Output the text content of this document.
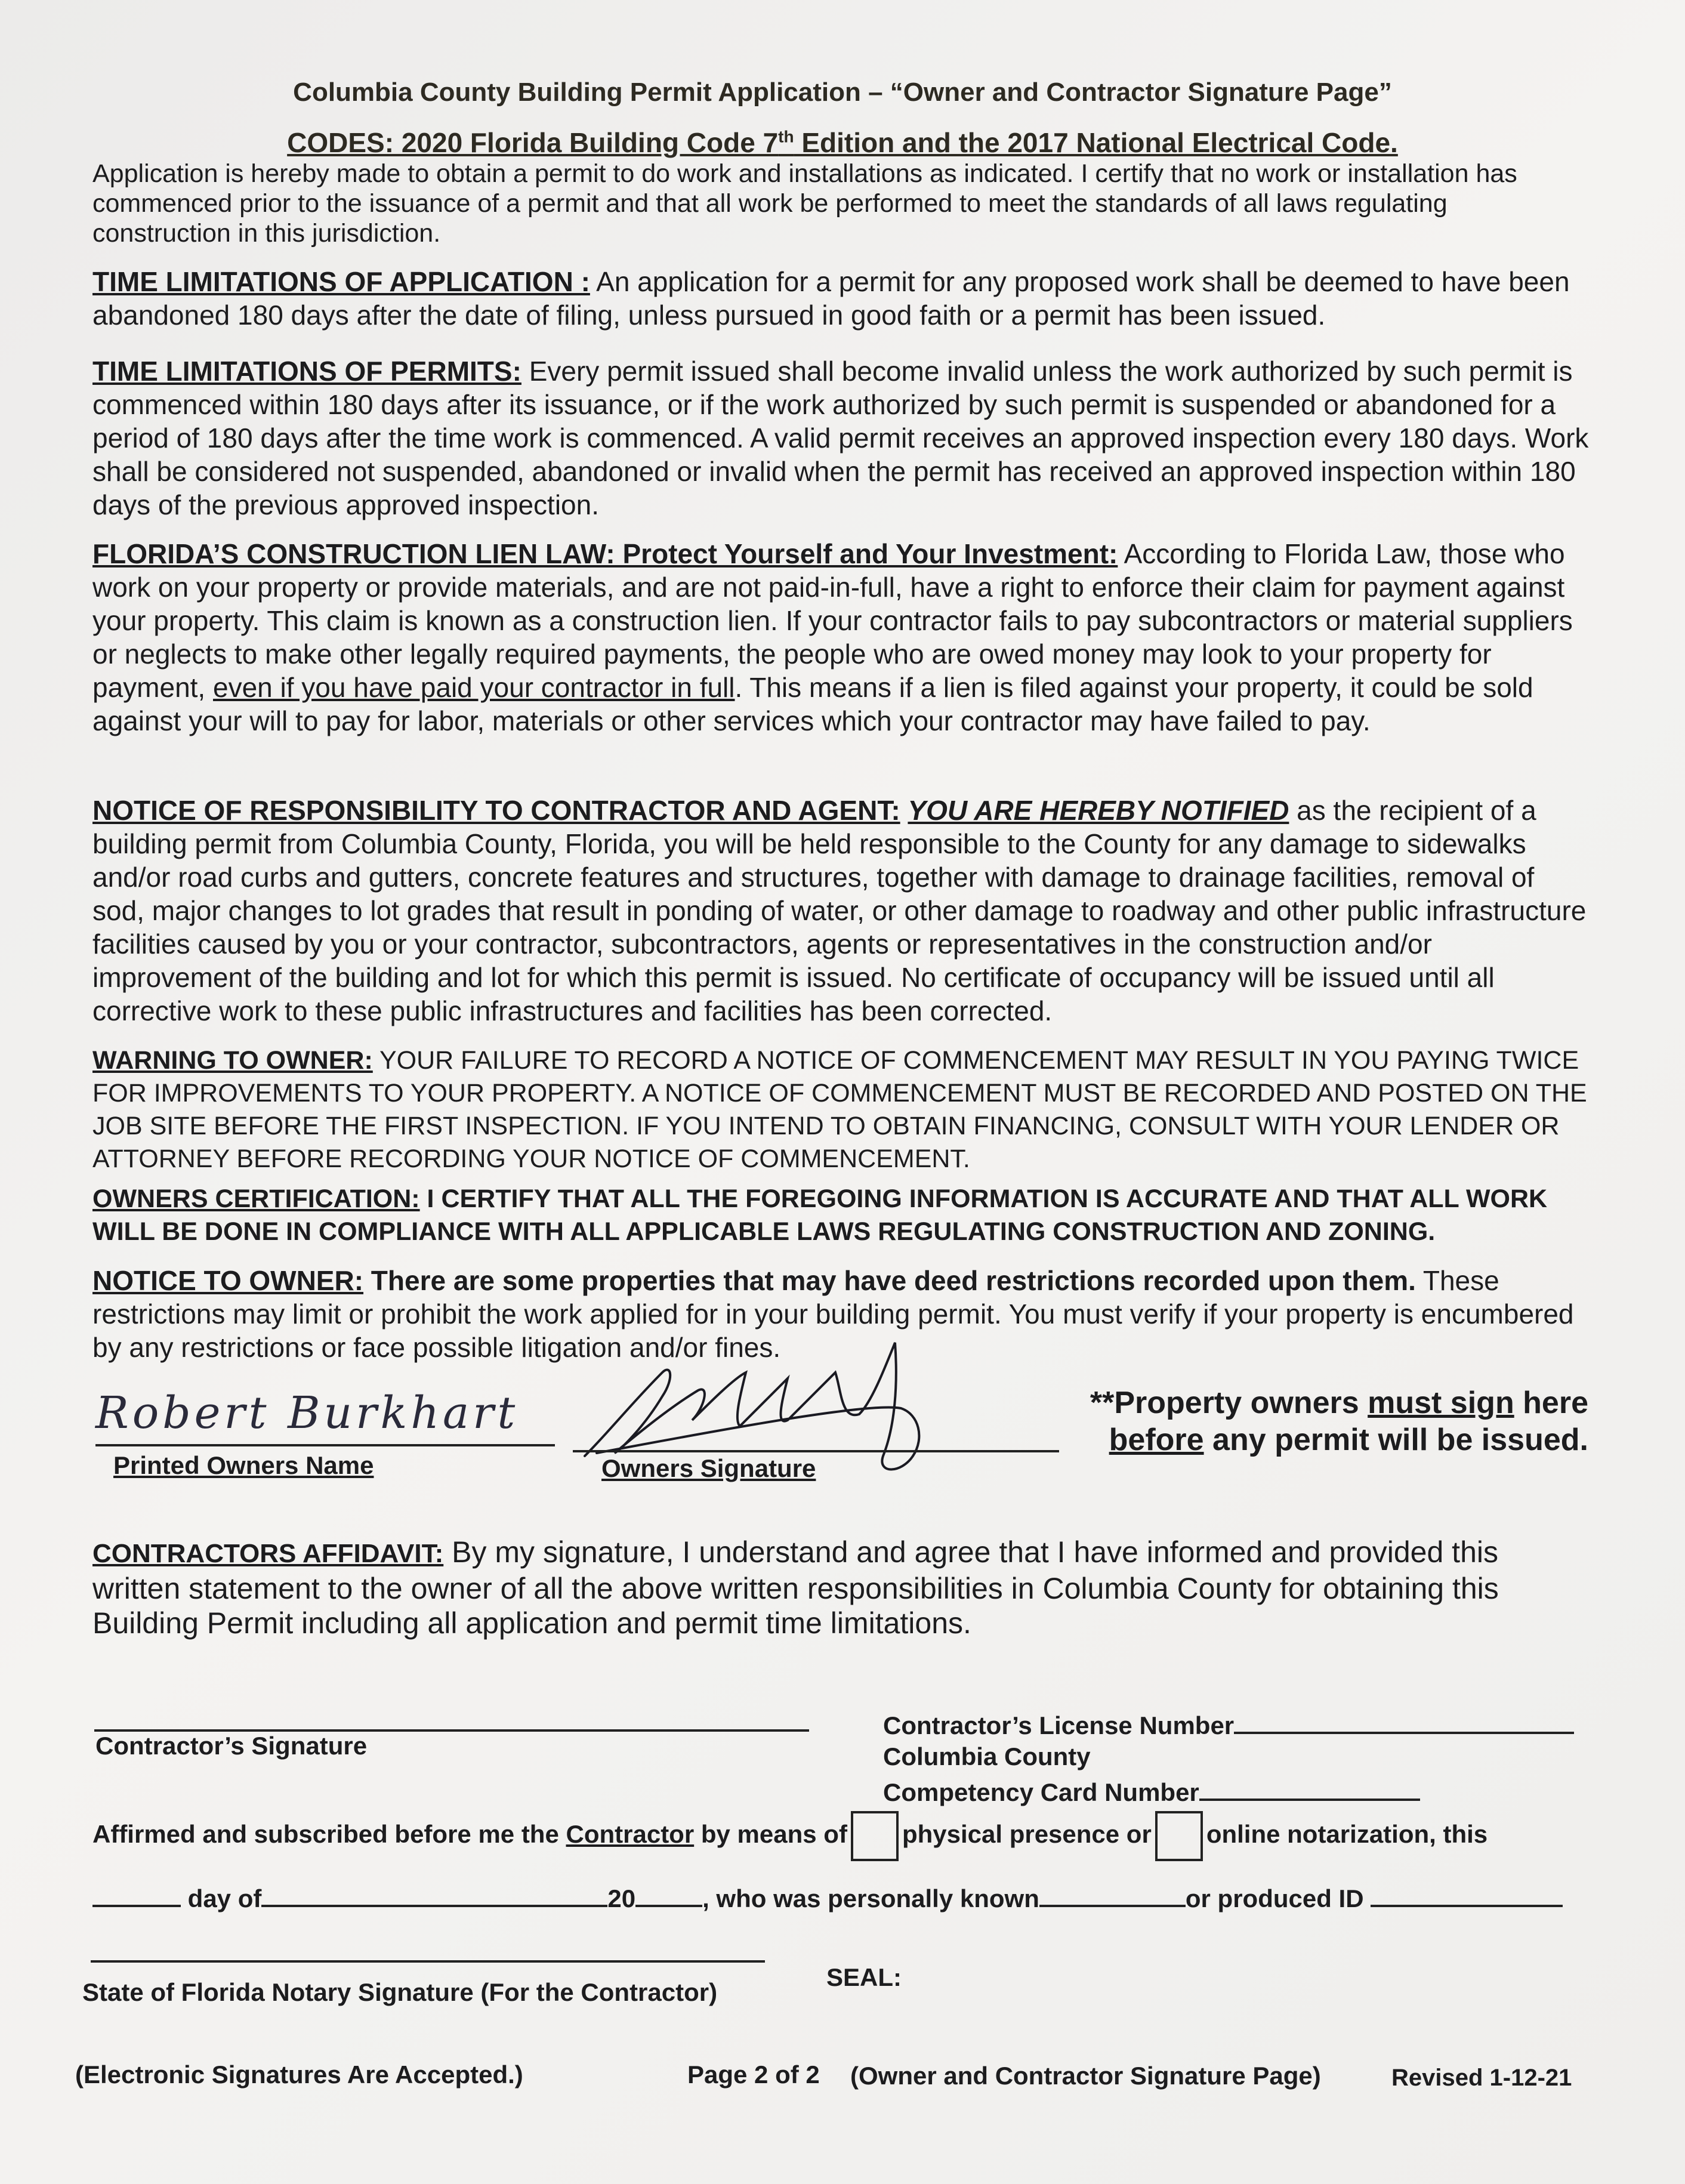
Columbia County Building Permit Application – “Owner and Contractor Signature Page”
CODES: 2020 Florida Building Code 7th Edition and the 2017 National Electrical Code.
Application is hereby made to obtain a permit to do work and installations as indicated. I certify that no work or installation has commenced prior to the issuance of a permit and that all work be performed to meet the standards of all laws regulating construction in this jurisdiction.
TIME LIMITATIONS OF APPLICATION : An application for a permit for any proposed work shall be deemed to have been abandoned 180 days after the date of filing, unless pursued in good faith or a permit has been issued.
TIME LIMITATIONS OF PERMITS: Every permit issued shall become invalid unless the work authorized by such permit is commenced within 180 days after its issuance, or if the work authorized by such permit is suspended or abandoned for a period of 180 days after the time work is commenced. A valid permit receives an approved inspection every 180 days. Work shall be considered not suspended, abandoned or invalid when the permit has received an approved inspection within 180 days of the previous approved inspection.
FLORIDA’S CONSTRUCTION LIEN LAW: Protect Yourself and Your Investment: According to Florida Law, those who work on your property or provide materials, and are not paid-in-full, have a right to enforce their claim for payment against your property. This claim is known as a construction lien. If your contractor fails to pay subcontractors or material suppliers or neglects to make other legally required payments, the people who are owed money may look to your property for payment, even if you have paid your contractor in full. This means if a lien is filed against your property, it could be sold against your will to pay for labor, materials or other services which your contractor may have failed to pay.
NOTICE OF RESPONSIBILITY TO CONTRACTOR AND AGENT: YOU ARE HEREBY NOTIFIED as the recipient of a building permit from Columbia County, Florida, you will be held responsible to the County for any damage to sidewalks and/or road curbs and gutters, concrete features and structures, together with damage to drainage facilities, removal of sod, major changes to lot grades that result in ponding of water, or other damage to roadway and other public infrastructure facilities caused by you or your contractor, subcontractors, agents or representatives in the construction and/or improvement of the building and lot for which this permit is issued. No certificate of occupancy will be issued until all corrective work to these public infrastructures and facilities has been corrected.
WARNING TO OWNER: YOUR FAILURE TO RECORD A NOTICE OF COMMENCEMENT MAY RESULT IN YOU PAYING TWICE FOR IMPROVEMENTS TO YOUR PROPERTY. A NOTICE OF COMMENCEMENT MUST BE RECORDED AND POSTED ON THE JOB SITE BEFORE THE FIRST INSPECTION. IF YOU INTEND TO OBTAIN FINANCING, CONSULT WITH YOUR LENDER OR ATTORNEY BEFORE RECORDING YOUR NOTICE OF COMMENCEMENT.
OWNERS CERTIFICATION: I CERTIFY THAT ALL THE FOREGOING INFORMATION IS ACCURATE AND THAT ALL WORK WILL BE DONE IN COMPLIANCE WITH ALL APPLICABLE LAWS REGULATING CONSTRUCTION AND ZONING.
NOTICE TO OWNER: There are some properties that may have deed restrictions recorded upon them. These restrictions may limit or prohibit the work applied for in your building permit. You must verify if your property is encumbered by any restrictions or face possible litigation and/or fines.
Robert Burkhart
Printed Owners Name	Owners Signature
**Property owners must sign here
before any permit will be issued.
CONTRACTORS AFFIDAVIT: By my signature, I understand and agree that I have informed and provided this written statement to the owner of all the above written responsibilities in Columbia County for obtaining this Building Permit including all application and permit time limitations.
Contractor’s Signature
Contractor’s License Number
Columbia County
Competency Card Number
Affirmed and subscribed before me the Contractor by means of physical presence or online notarization, this
day of	20	, who was personally known	or produced ID
State of Florida Notary Signature (For the Contractor)
SEAL:
(Electronic Signatures Are Accepted.)	Page 2 of 2 (Owner and Contractor Signature Page)	Revised 1-12-21
